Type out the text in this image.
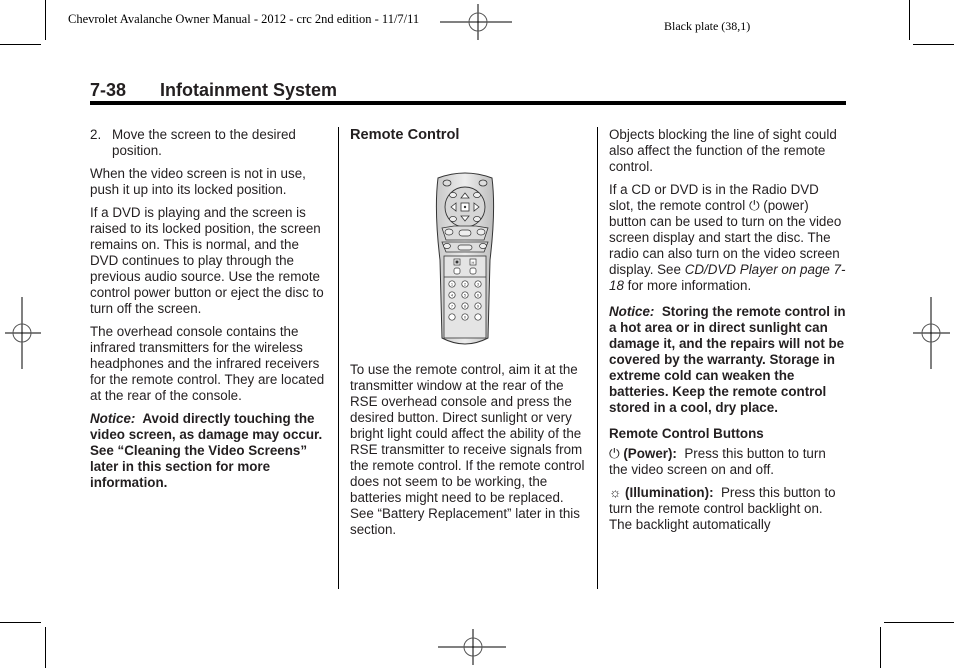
Chevrolet Avalanche Owner Manual - 2012 - crc 2nd edition - 11/7/11	Black plate (38,1)
7-38 Infotainment System

2. Move the screen to the desired position.

When the video screen is not in use, push it up into its locked position.

If a DVD is playing and the screen is raised to its locked position, the screen remains on. This is normal, and the DVD continues to play through the previous audio source. Use the remote control power button or eject the disc to turn off the screen.

The overhead console contains the infrared transmitters for the wireless headphones and the infrared receivers for the remote control. They are located at the rear of the console.

Notice: Avoid directly touching the video screen, as damage may occur. See “Cleaning the Video Screens” later in this section for more information.

Remote Control

H
1	2	3
4	5	6
7	8	9
0

To use the remote control, aim it at the transmitter window at the rear of the RSE overhead console and press the desired button. Direct sunlight or very bright light could affect the ability of the RSE transmitter to receive signals from the remote control. If the remote control does not seem to be working, the batteries might need to be replaced. See “Battery Replacement” later in this section.

Objects blocking the line of sight could also affect the function of the remote control.

If a CD or DVD is in the Radio DVD slot, the remote control ⏻ (power) button can be used to turn on the video screen display and start the disc. The radio can also turn on the video screen display. See CD/DVD Player on page 7-18 for more information.

Notice: Storing the remote control in a hot area or in direct sunlight can damage it, and the repairs will not be covered by the warranty. Storage in extreme cold can weaken the batteries. Keep the remote control stored in a cool, dry place.

Remote Control Buttons

⏻ (Power): Press this button to turn the video screen on and off.

☼ (Illumination): Press this button to turn the remote control backlight on. The backlight automatically
